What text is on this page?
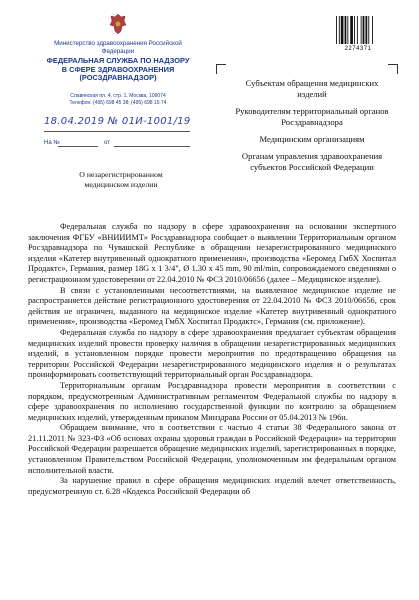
Министерство здравоохранения Российской Федерации
ФЕДЕРАЛЬНАЯ СЛУЖБА ПО НАДЗОРУ
В СФЕРЕ ЗДРАВООХРАНЕНИЯ
(РОСЗДРАВНАДЗОР)
Славянская пл. 4, стр. 1, Москва, 109074
Телефон: (495) 698 45 38; (495) 698 15 74
18.04.2019 № 01И-1001/19
На №	от
О незарегистрированном медицинском изделии
2274371
Субъектам обращения медицинских изделий
Руководителям территориальный органов Росздравнадзора
Медицинским организациям
Органам управления здравоохранения субъектов Российской Федерации

Федеральная служба по надзору в сфере здравоохранения на основании экспертного заключения ФГБУ «ВНИИИМТ» Росздравнадзора сообщает о выявлении Территориальным органом Росздравнадзора по Чувашской Республике в обращении незарегистрированного медицинского изделия «Катетер внутривенный однократного применения», производства «Беромед ГмбХ Хоспитал Продактс», Германия, размер 18G x 1 3/4", Ø 1.30 x 45 mm, 90 ml/min, сопровождаемого сведениями о регистрационном удостоверении от 22.04.2010 № ФСЗ 2010/06656 (далее – Медицинское изделие).

В связи с установленными несоответствиями, на выявленное медицинское изделие не распространяется действие регистрационного удостоверения от 22.04.2010 № ФСЗ 2010/06656, срок действия не ограничен, выданного на медицинское изделие «Катетер внутривенный однократного применения», производства «Беромед ГмбХ Хоспитал Продактс», Германия (см. приложение).

Федеральная служба по надзору в сфере здравоохранения предлагает субъектам обращения медицинских изделий провести проверку наличия в обращении незарегистрированных медицинских изделий, в установленном порядке провести мероприятия по предотвращению обращения на территории Российской Федерации незарегистрированного медицинского изделия и о результатах проинформировать соответствующий территориальный орган Росздравнадзора.

Территориальным органам Росздравнадзора провести мероприятия в соответствии с порядком, предусмотренным Административным регламентом Федеральной службы по надзору в сфере здравоохранения по исполнению государственной функции по контролю за обращением медицинских изделий, утвержденным приказом Минздрава России от 05.04.2013 № 196н.

Обращаем внимание, что в соответствии с частью 4 статьи 38 Федерального закона от 21.11.2011 № 323-ФЗ «Об основах охраны здоровья граждан в Российской Федерации» на территории Российской Федерации разрешается обращение медицинских изделий, зарегистрированных в порядке, установленном Правительством Российской Федерации, уполномоченным им федеральным органом исполнительной власти.

За нарушение правил в сфере обращения медицинских изделий влечет ответственность, предусмотренную ст. 6.28 «Кодекса Российской Федерации об
